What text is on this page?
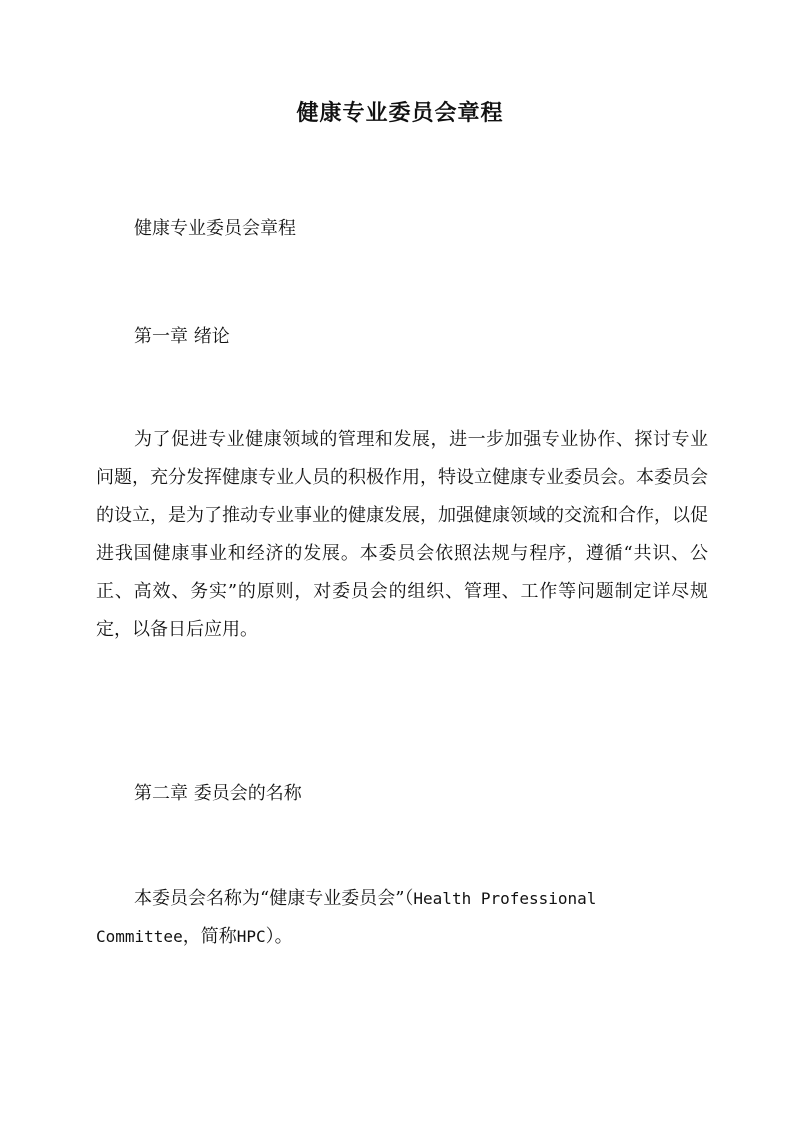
健康专业委员会章程

健康专业委员会章程

第一章 绪论

为了促进专业健康领域的管理和发展，进一步加强专业协作、探讨专业问题，充分发挥健康专业人员的积极作用，特设立健康专业委员会。本委员会的设立，是为了推动专业事业的健康发展，加强健康领域的交流和合作，以促进我国健康事业和经济的发展。本委员会依照法规与程序，遵循“共识、公正、高效、务实”的原则，对委员会的组织、管理、工作等问题制定详尽规定，以备日后应用。

第二章 委员会的名称

本委员会名称为“健康专业委员会”（Health Professional Committee，简称HPC）。
